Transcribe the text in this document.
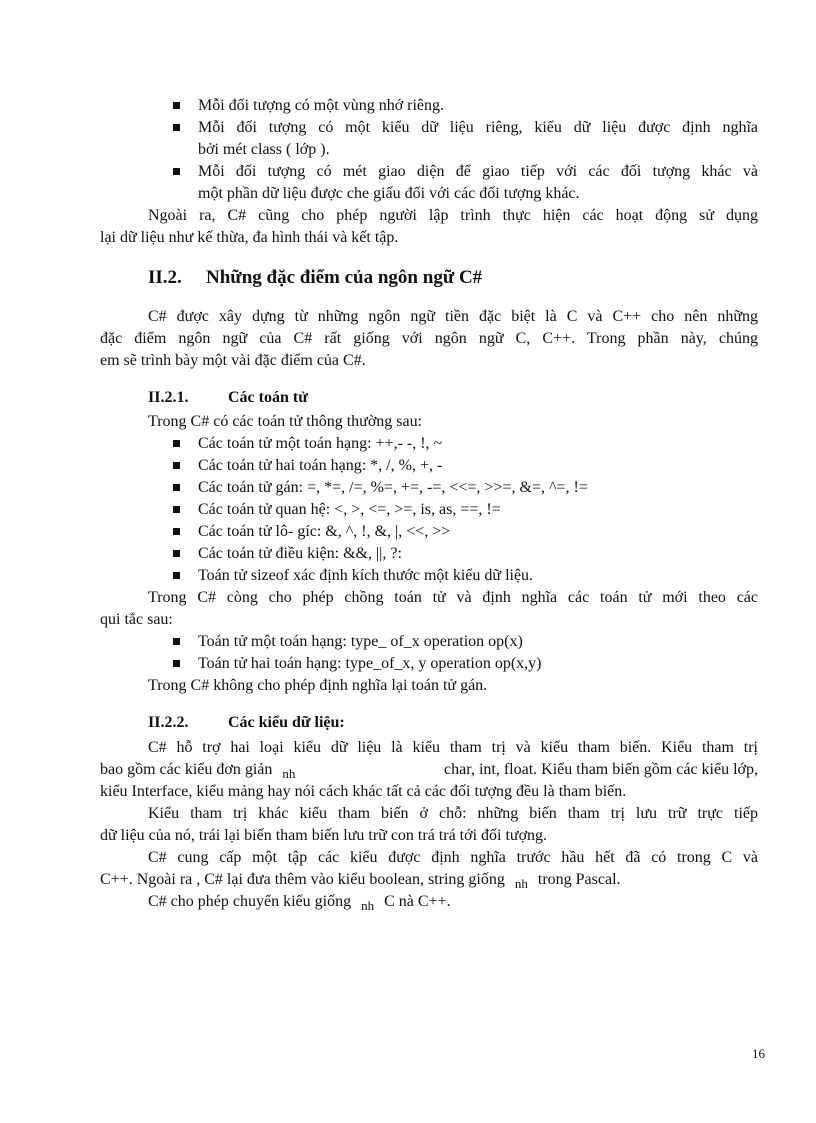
Mỗi đối tượng có một vùng nhớ riêng.
Mỗi đối tượng có một kiểu dữ liệu riêng, kiểu dữ liệu được định nghĩa
bởi mét class ( lớp ).
Mỗi đối tượng có mét giao diện để giao tiếp với các đối tượng khác và
một phần dữ liệu được che giấu đối với các đối tượng khác.
Ngoài ra, C# cũng cho phép người lập trình thực hiện các hoạt động sử dụng
lại dữ liệu như kế thừa, đa hình thái và kết tập.
II.2. Những đặc điểm của ngôn ngữ C#
C# được xây dựng từ những ngôn ngữ tiền đặc biệt là C và C++ cho nên những
đặc điểm ngôn ngữ của C# rất giống với ngôn ngữ C, C++. Trong phần này, chúng
em sẽ trình bày một vài đặc điểm của C#.
II.2.1. Các toán tử
Trong C# có các toán tử thông thường sau:
Các toán tử một toán hạng: ++,- -, !, ~
Các toán tử hai toán hạng: *, /, %, +, -
Các toán tử gán: =, *=, /=, %=, +=, -=, <<=, >>=, &=, ^=, !=
Các toán tử quan hệ: <, >, <=, >=, is, as, ==, !=
Các toán tử lô- gíc: &, ^, !, &, |, <<, >>
Các toán tử điều kiện: &&, ||, ?:
Toán tử sizeof xác định kích thước một kiểu dữ liệu.
Trong C# còng cho phép chồng toán tử và định nghĩa các toán tử mới theo các
qui tắc sau:
Toán tử một toán hạng: type_ of_x operation op(x)
Toán tử hai toán hạng: type_of_x, y operation op(x,y)
Trong C# không cho phép định nghĩa lại toán tử gán.
II.2.2. Các kiểu dữ liệu:
C# hỗ trợ hai loại kiểu dữ liệu là kiểu tham trị và kiểu tham biến. Kiểu tham trị
bao gồm các kiểu đơn giản $_{nh}$	char, int, float. Kiểu tham biến gồm các kiểu lớp,
kiểu Interface, kiểu mảng hay nói cách khác tất cả các đối tượng đều là tham biến.
Kiểu tham trị khác kiểu tham biến ở chỗ: những biến tham trị lưu trữ trực tiếp
dữ liệu của nó, trái lại biến tham biến lưu trữ con trá trá tới đối tượng.
C# cung cấp một tập các kiểu được định nghĩa trước hầu hết đã có trong C và
C++. Ngoài ra , C# lại đưa thêm vào kiểu boolean, string giống $_{nh}$ trong Pascal.
C# cho phép chuyển kiểu giống $_{nh}$ C nà C++.
16
